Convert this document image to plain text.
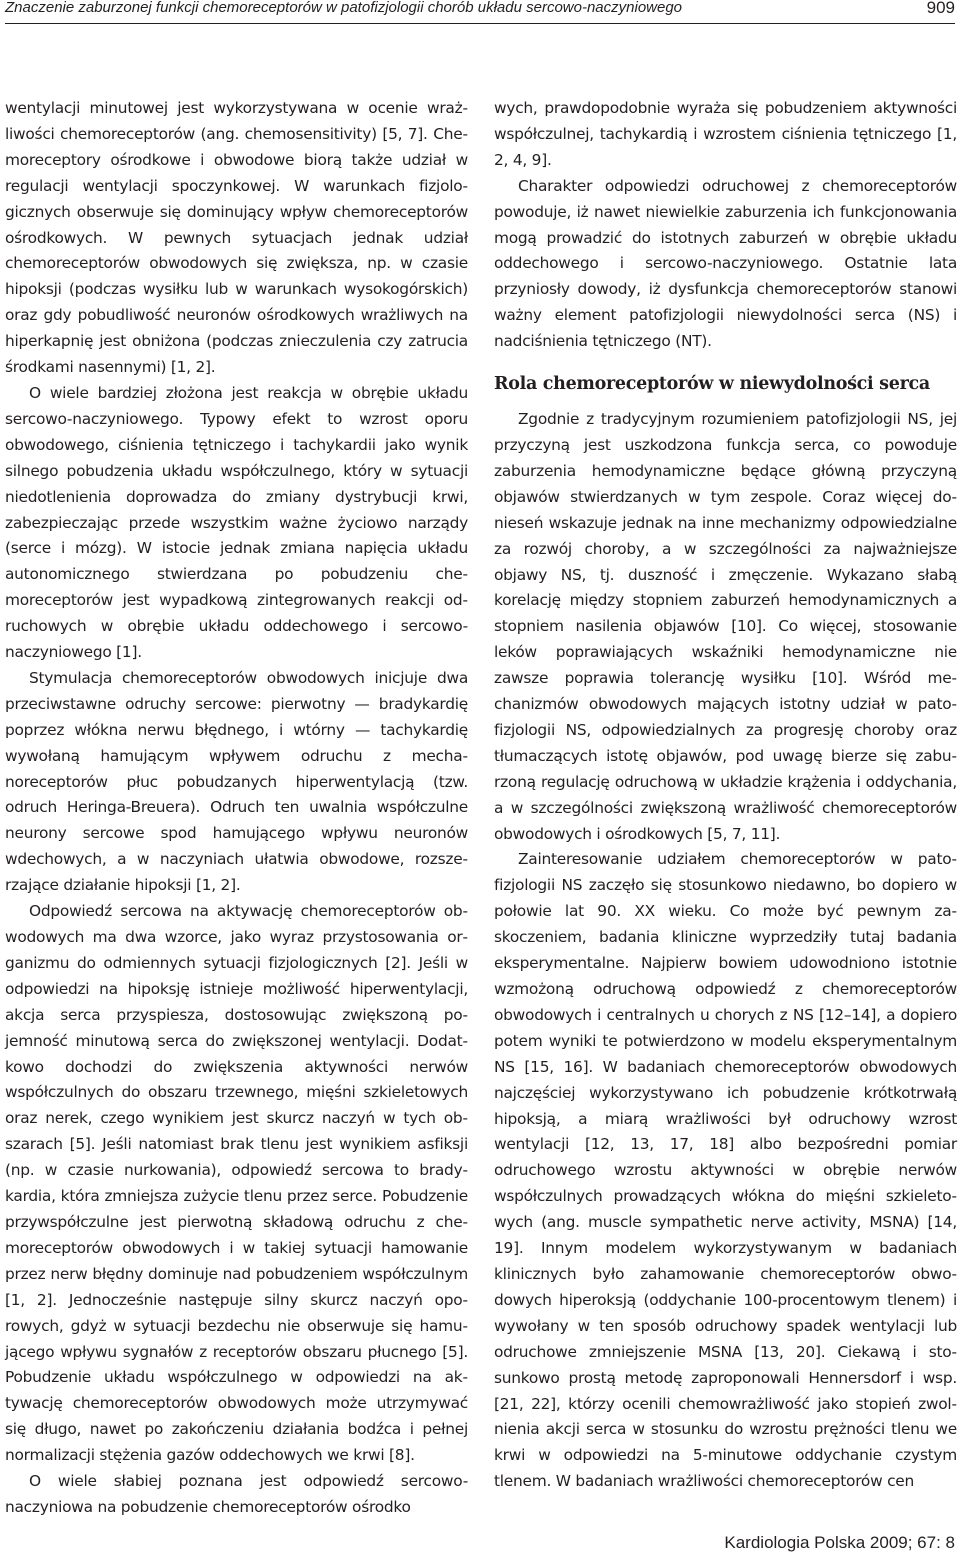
Znaczenie zaburzonej funkcji chemoreceptorów w patofizjologii chorób układu sercowo-naczyniowego	909

wentylacji minutowej jest wykorzystywana w ocenie wrażliwości chemoreceptorów (ang. chemosensitivity) [5, 7]. Chemoreceptory ośrodkowe i obwodowe biorą także udział w regulacji wentylacji spoczynkowej. W warunkach fizjologicznych obserwuje się dominujący wpływ chemoreceptorów ośrodkowych. W pewnych sytuacjach jednak udział chemoreceptorów obwodowych się zwiększa, np. w czasie hipoksji (podczas wysiłku lub w warunkach wysokogórskich) oraz gdy pobudliwość neuronów ośrodkowych wrażliwych na hiperkapnię jest obniżona (podczas znieczulenia czy zatrucia środkami nasennymi) [1, 2].

O wiele bardziej złożona jest reakcja w obrębie układu sercowo-naczyniowego. Typowy efekt to wzrost oporu obwodowego, ciśnienia tętniczego i tachykardii jako wynik silnego pobudzenia układu współczulnego, który w sytuacji niedotlenienia doprowadza do zmiany dystrybucji krwi, zabezpieczając przede wszystkim ważne życiowo narządy (serce i mózg). W istocie jednak zmiana napięcia układu autonomicznego stwierdzana po pobudzeniu chemoreceptorów jest wypadkową zintegrowanych reakcji odruchowych w obrębie układu oddechowego i sercowo-naczyniowego [1].

Stymulacja chemoreceptorów obwodowych inicjuje dwa przeciwstawne odruchy sercowe: pierwotny — bradykardię poprzez włókna nerwu błędnego, i wtórny — tachykardię wywołaną hamującym wpływem odruchu z mechanoreceptorów płuc pobudzanych hiperwentylacją (tzw. odruch Heringa-Breuera). Odruch ten uwalnia współczulne neurony sercowe spod hamującego wpływu neuronów wdechowych, a w naczyniach ułatwia obwodowe, rozszerzające działanie hipoksji [1, 2].

Odpowiedź sercowa na aktywację chemoreceptorów obwodowych ma dwa wzorce, jako wyraz przystosowania organizmu do odmiennych sytuacji fizjologicznych [2]. Jeśli w odpowiedzi na hipoksję istnieje możliwość hiperwentylacji, akcja serca przyspiesza, dostosowując zwiększoną pojemność minutową serca do zwiększonej wentylacji. Dodatkowo dochodzi do zwiększenia aktywności nerwów współczulnych do obszaru trzewnego, mięśni szkieletowych oraz nerek, czego wynikiem jest skurcz naczyń w tych obszarach [5]. Jeśli natomiast brak tlenu jest wynikiem asfiksji (np. w czasie nurkowania), odpowiedź sercowa to bradykardia, która zmniejsza zużycie tlenu przez serce. Pobudzenie przywspółczulne jest pierwotną składową odruchu z chemoreceptorów obwodowych i w takiej sytuacji hamowanie przez nerw błędny dominuje nad pobudzeniem współczulnym [1, 2]. Jednocześnie następuje silny skurcz naczyń oporowych, gdyż w sytuacji bezdechu nie obserwuje się hamującego wpływu sygnałów z receptorów obszaru płucnego [5]. Pobudzenie układu współczulnego w odpowiedzi na aktywację chemoreceptorów obwodowych może utrzymywać się długo, nawet po zakończeniu działania bodźca i pełnej normalizacji stężenia gazów oddechowych we krwi [8].

O wiele słabiej poznana jest odpowiedź sercowo-naczyniowa na pobudzenie chemoreceptorów ośrodko

wych, prawdopodobnie wyraża się pobudzeniem aktywności współczulnej, tachykardią i wzrostem ciśnienia tętniczego [1, 2, 4, 9].

Charakter odpowiedzi odruchowej z chemoreceptorów powoduje, iż nawet niewielkie zaburzenia ich funkcjonowania mogą prowadzić do istotnych zaburzeń w obrębie układu oddechowego i sercowo-naczyniowego. Ostatnie lata przyniosły dowody, iż dysfunkcja chemoreceptorów stanowi ważny element patofizjologii niewydolności serca (NS) i nadciśnienia tętniczego (NT).

Rola chemoreceptorów w niewydolności serca

Zgodnie z tradycyjnym rozumieniem patofizjologii NS, jej przyczyną jest uszkodzona funkcja serca, co powoduje zaburzenia hemodynamiczne będące główną przyczyną objawów stwierdzanych w tym zespole. Coraz więcej donieseń wskazuje jednak na inne mechanizmy odpowiedzialne za rozwój choroby, a w szczególności za najważniejsze objawy NS, tj. duszność i zmęczenie. Wykazano słabą korelację między stopniem zaburzeń hemodynamicznych a stopniem nasilenia objawów [10]. Co więcej, stosowanie leków poprawiających wskaźniki hemodynamiczne nie zawsze poprawia tolerancję wysiłku [10]. Wśród mechanizmów obwodowych mających istotny udział w patofizjologii NS, odpowiedzialnych za progresję choroby oraz tłumaczących istotę objawów, pod uwagę bierze się zaburzoną regulację odruchową w układzie krążenia i oddychania, a w szczególności zwiększoną wrażliwość chemoreceptorów obwodowych i ośrodkowych [5, 7, 11].

Zainteresowanie udziałem chemoreceptorów w patofizjologii NS zaczęło się stosunkowo niedawno, bo dopiero w połowie lat 90. XX wieku. Co może być pewnym zaskoczeniem, badania kliniczne wyprzedziły tutaj badania eksperymentalne. Najpierw bowiem udowodniono istotnie wzmożoną odruchową odpowiedź z chemoreceptorów obwodowych i centralnych u chorych z NS [12–14], a dopiero potem wyniki te potwierdzono w modelu eksperymentalnym NS [15, 16]. W badaniach chemoreceptorów obwodowych najczęściej wykorzystywano ich pobudzenie krótkotrwałą hipoksją, a miarą wrażliwości był odruchowy wzrost wentylacji [12, 13, 17, 18] albo bezpośredni pomiar odruchowego wzrostu aktywności w obrębie nerwów współczulnych prowadzących włókna do mięśni szkieletowych (ang. muscle sympathetic nerve activity, MSNA) [14, 19]. Innym modelem wykorzystywanym w badaniach klinicznych było zahamowanie chemoreceptorów obwodowych hiperoksją (oddychanie 100-procentowym tlenem) i wywołany w ten sposób odruchowy spadek wentylacji lub odruchowe zmniejszenie MSNA [13, 20]. Ciekawą i stosunkowo prostą metodę zaproponowali Hennersdorf i wsp. [21, 22], którzy ocenili chemowrażliwość jako stopień zwolnienia akcji serca w stosunku do wzrostu prężności tlenu we krwi w odpowiedzi na 5-minutowe oddychanie czystym tlenem. W badaniach wrażliwości chemoreceptorów cen

Kardiologia Polska 2009; 67: 8
